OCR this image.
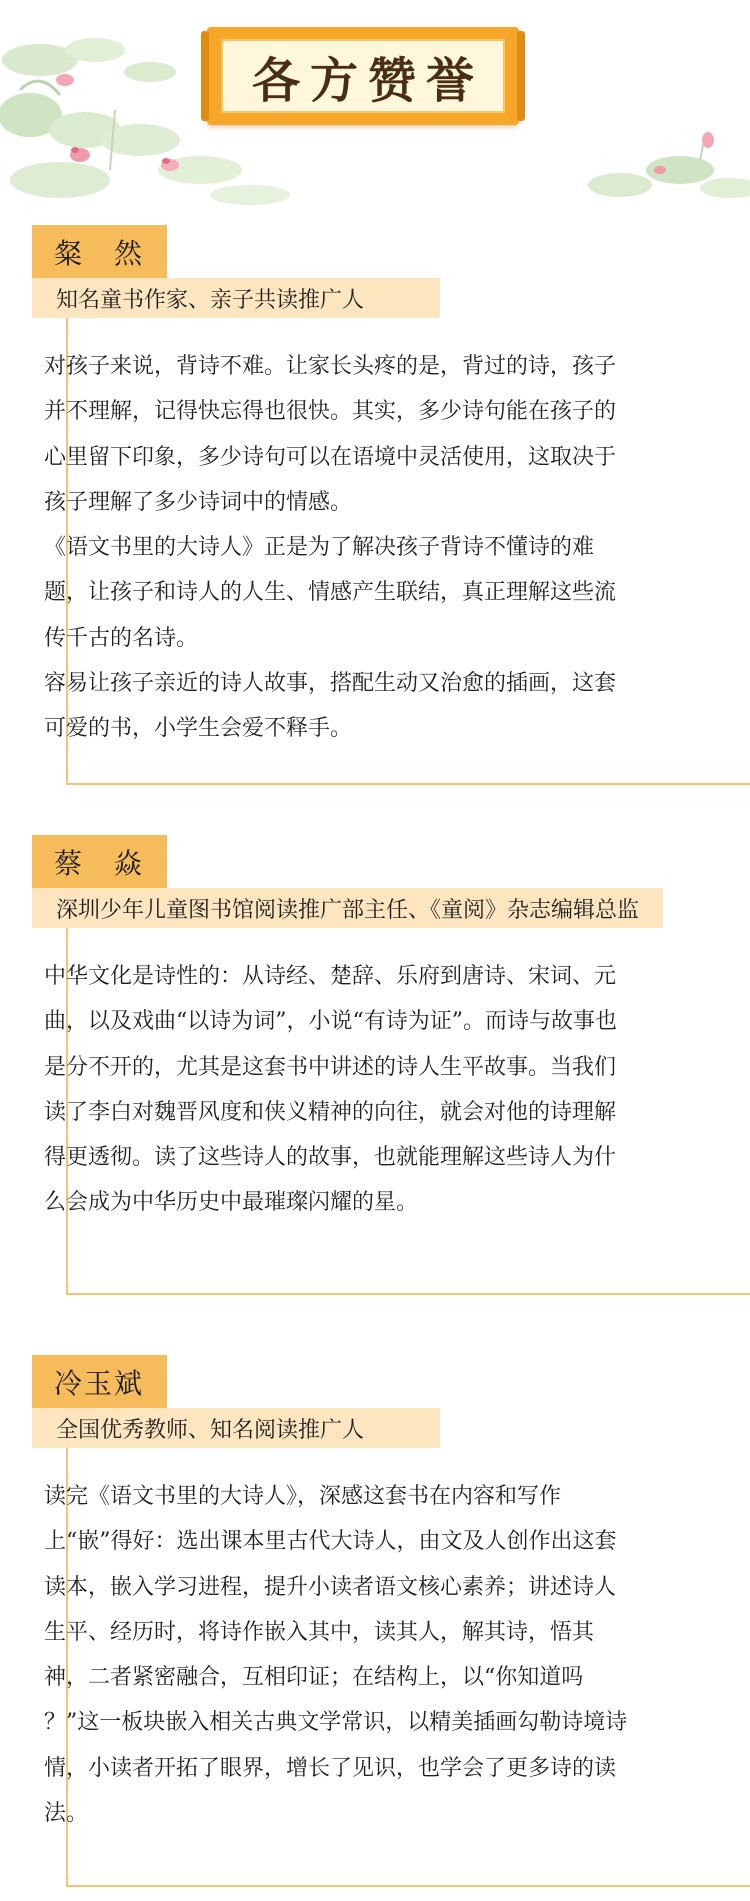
各方赞誉
粲　然
知名童书作家、亲子共读推广人

对孩子来说，背诗不难。让家长头疼的是，背过的诗，孩子并不理解，记得快忘得也很快。其实，多少诗句能在孩子的心里留下印象，多少诗句可以在语境中灵活使用，这取决于孩子理解了多少诗词中的情感。

《语文书里的大诗人》正是为了解决孩子背诗不懂诗的难题，让孩子和诗人的人生、情感产生联结，真正理解这些流传千古的名诗。

容易让孩子亲近的诗人故事，搭配生动又治愈的插画，这套可爱的书，小学生会爱不释手。

蔡　焱
深圳少年儿童图书馆阅读推广部主任、《童阅》杂志编辑总监

中华文化是诗性的：从诗经、楚辞、乐府到唐诗、宋词、元曲，以及戏曲“以诗为词”，小说“有诗为证”。而诗与故事也是分不开的，尤其是这套书中讲述的诗人生平故事。当我们读了李白对魏晋风度和侠义精神的向往，就会对他的诗理解得更透彻。读了这些诗人的故事，也就能理解这些诗人为什么会成为中华历史中最璀璨闪耀的星。

冷玉斌
全国优秀教师、知名阅读推广人

读完《语文书里的大诗人》，深感这套书在内容和写作上“嵌”得好：选出课本里古代大诗人，由文及人创作出这套读本，嵌入学习进程，提升小读者语文核心素养；讲述诗人生平、经历时，将诗作嵌入其中，读其人，解其诗，悟其神，二者紧密融合，互相印证；在结构上，以“你知道吗 ？”这一板块嵌入相关古典文学常识，以精美插画勾勒诗境诗情，小读者开拓了眼界，增长了见识，也学会了更多诗的读法。
